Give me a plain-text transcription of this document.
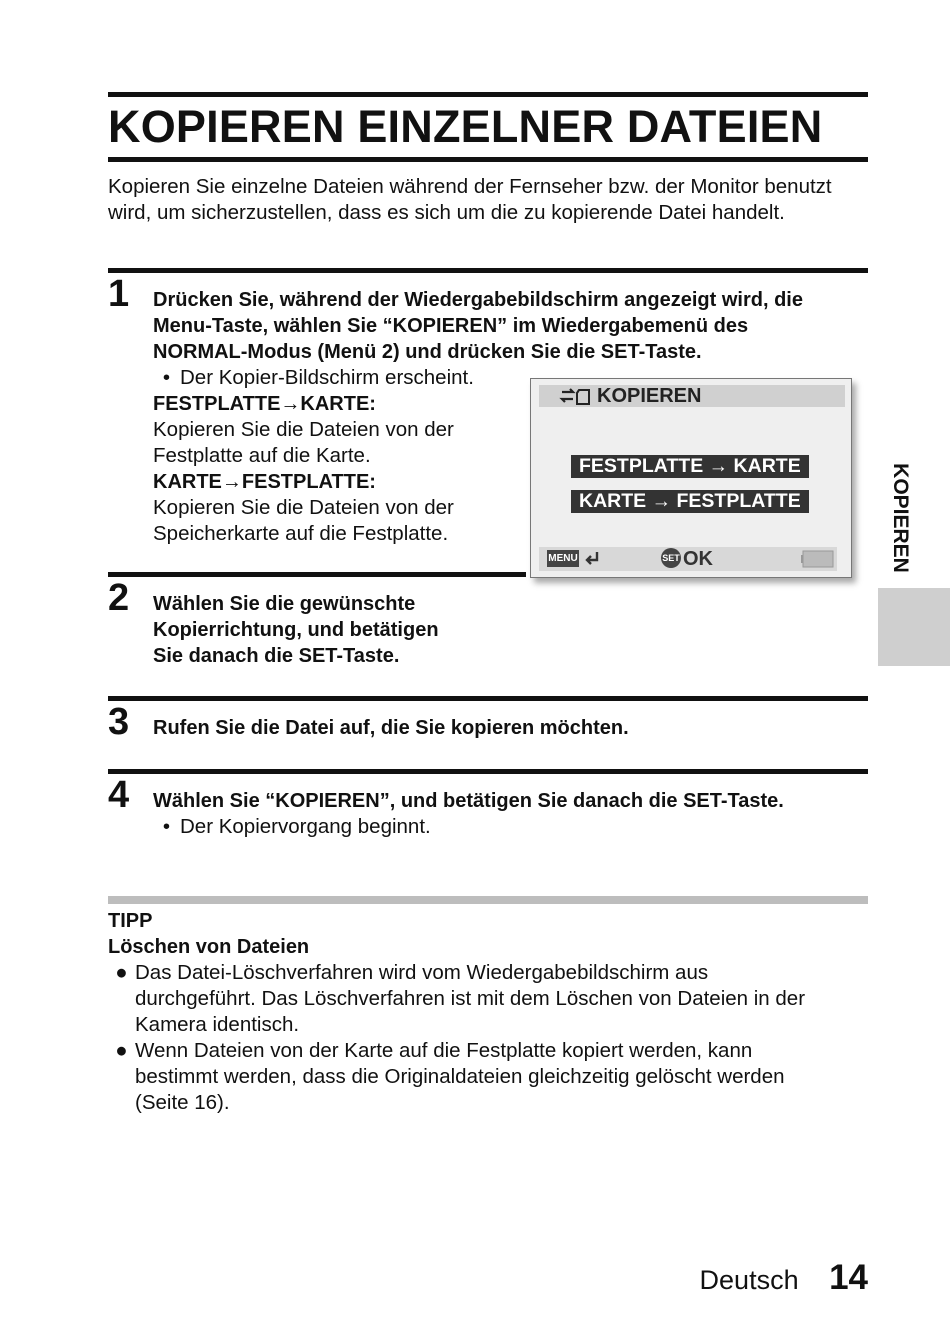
KOPIEREN EINZELNER DATEIEN
Kopieren Sie einzelne Dateien während der Fernseher bzw. der Monitor benutzt wird, um sicherzustellen, dass es sich um die zu kopierende Datei handelt.
1 Drücken Sie, während der Wiedergabebildschirm angezeigt wird, die
Menu-Taste, wählen Sie “KOPIEREN” im Wiedergabemenü des
NORMAL-Modus (Menü 2) und drücken Sie die SET-Taste.
• Der Kopier-Bildschirm erscheint.
FESTPLATTE→KARTE:
Kopieren Sie die Dateien von der
Festplatte auf die Karte.
KARTE→FESTPLATTE:
Kopieren Sie die Dateien von der
Speicherkarte auf die Festplatte.
KOPIEREN
FESTPLATTE → KARTE
KARTE → FESTPLATTE
MENU	SET OK
2 Wählen Sie die gewünschte
Kopierrichtung, und betätigen
Sie danach die SET-Taste.
3 Rufen Sie die Datei auf, die Sie kopieren möchten.
4 Wählen Sie “KOPIEREN”, und betätigen Sie danach die SET-Taste.
• Der Kopiervorgang beginnt.
KOPIEREN
TIPP
Löschen von Dateien
● Das Datei-Löschverfahren wird vom Wiedergabebildschirm aus
durchgeführt. Das Löschverfahren ist mit dem Löschen von Dateien in der
Kamera identisch.
● Wenn Dateien von der Karte auf die Festplatte kopiert werden, kann
bestimmt werden, dass die Originaldateien gleichzeitig gelöscht werden
(Seite 16).
Deutsch 14
